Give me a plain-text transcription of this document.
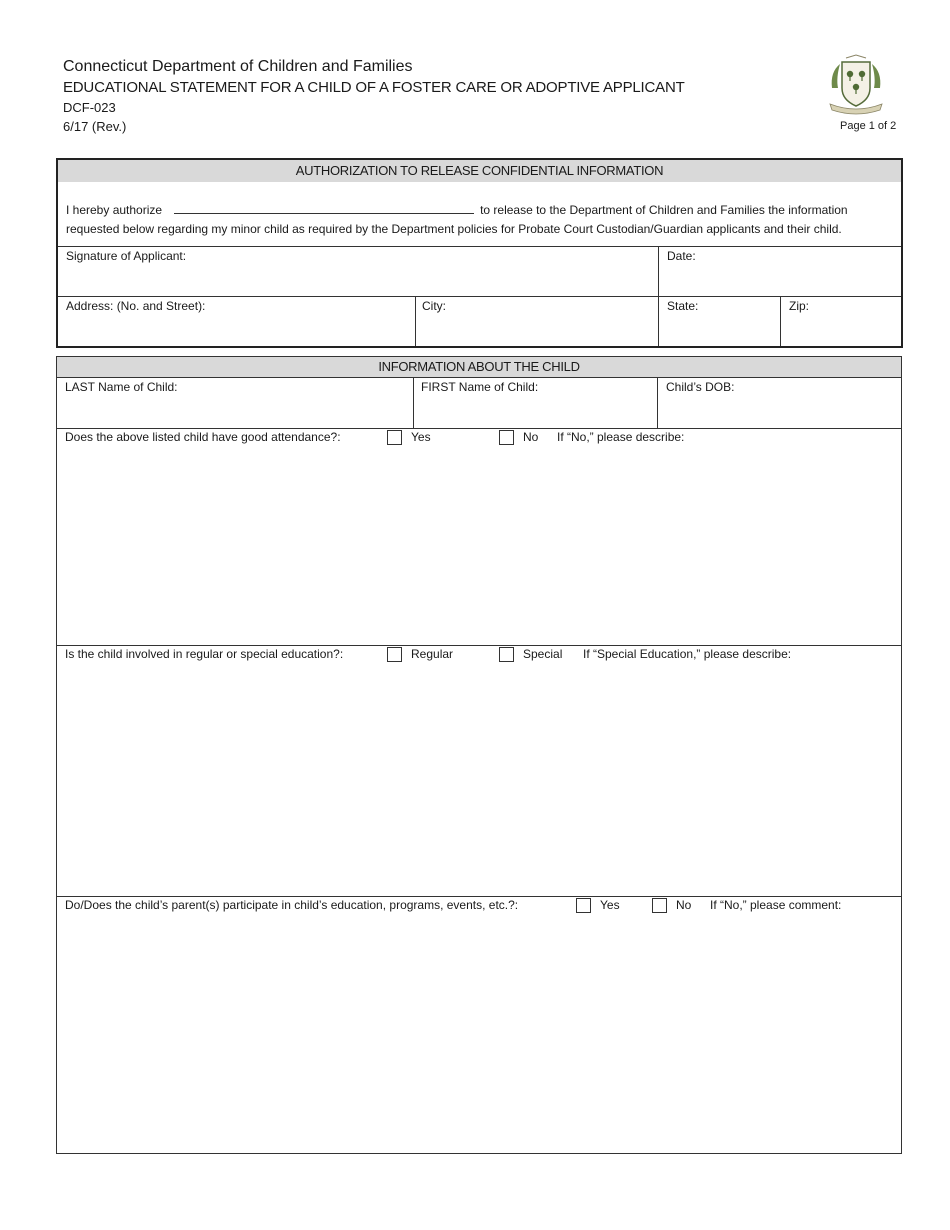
Connecticut Department of Children and Families
EDUCATIONAL STATEMENT FOR A CHILD OF A FOSTER CARE OR ADOPTIVE APPLICANT
DCF-023
6/17 (Rev.)	Page 1 of 2
AUTHORIZATION TO RELEASE CONFIDENTIAL INFORMATION
I hereby authorize	to release to the Department of Children and Families the information requested below regarding my minor child as required by the Department policies for Probate Court Custodian/Guardian applicants and their child.
Signature of Applicant:	Date:
Address: (No. and Street):	City:	State:	Zip:
INFORMATION ABOUT THE CHILD
LAST Name of Child:	FIRST Name of Child:	Child’s DOB:
Does the above listed child have good attendance?:	Yes	No If “No,” please describe:
Is the child involved in regular or special education?:	Regular	Special If “Special Education,” please describe:
Do/Does the child’s parent(s) participate in child’s education, programs, events, etc.?:	Yes	No If “No,” please comment:
